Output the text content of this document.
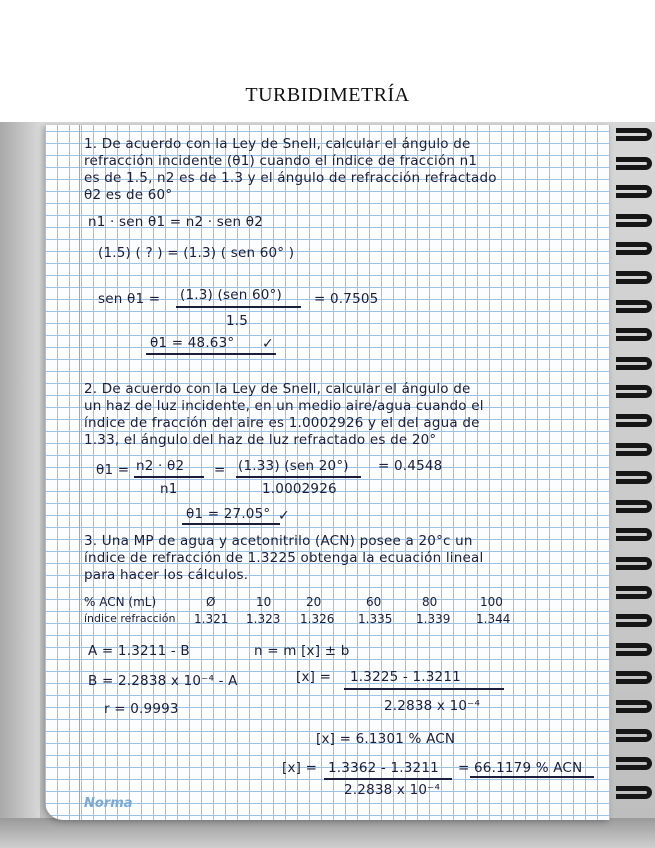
TURBIDIMETRÍA
1. De acuerdo con la Ley de Snell, calcular el ángulo de
refracción incidente (θ1) cuando el índice de fracción n1
es de 1.5, n2 es de 1.3 y el ángulo de refracción refractado
θ2 es de 60°
n1 · sen θ1 = n2 · sen θ2
(1.5) ( ? ) = (1.3) ( sen 60° )
sen θ1 = (1.3) (sen 60°)
1.5
= 0.7505
θ1 = 48.63° ✓
2. De acuerdo con la Ley de Snell, calcular el ángulo de
un haz de luz incidente, en un medio aire/agua cuando el
índice de fracción del aire es 1.0002926 y el del agua de
1.33, el ángulo del haz de luz refractado es de 20°
θ1 = n2 · θ2
n1
= (1.33) (sen 20°)
1.0002926
= 0.4548
θ1 = 27.05° ✓
3. Una MP de agua y acetonitrilo (ACN) posee a 20°c un
índice de refracción de 1.3225 obtenga la ecuación lineal
para hacer los cálculos.
% ACN (mL)	Ø	10	20	60	80	100
índice refracción 1.321 1.323 1.326 1.335 1.339 1.344
A = 1.3211 - B	n = m [x] ± b
B = 2.2838 x 10⁻⁴ - A	[x] = 1.3225 - 1.3211
2.2838 x 10⁻⁴
r = 0.9993
[x] = 6.1301 % ACN
[x] = 1.3362 - 1.3211
2.2838 x 10⁻⁴
= 66.1179 % ACN
Norma
